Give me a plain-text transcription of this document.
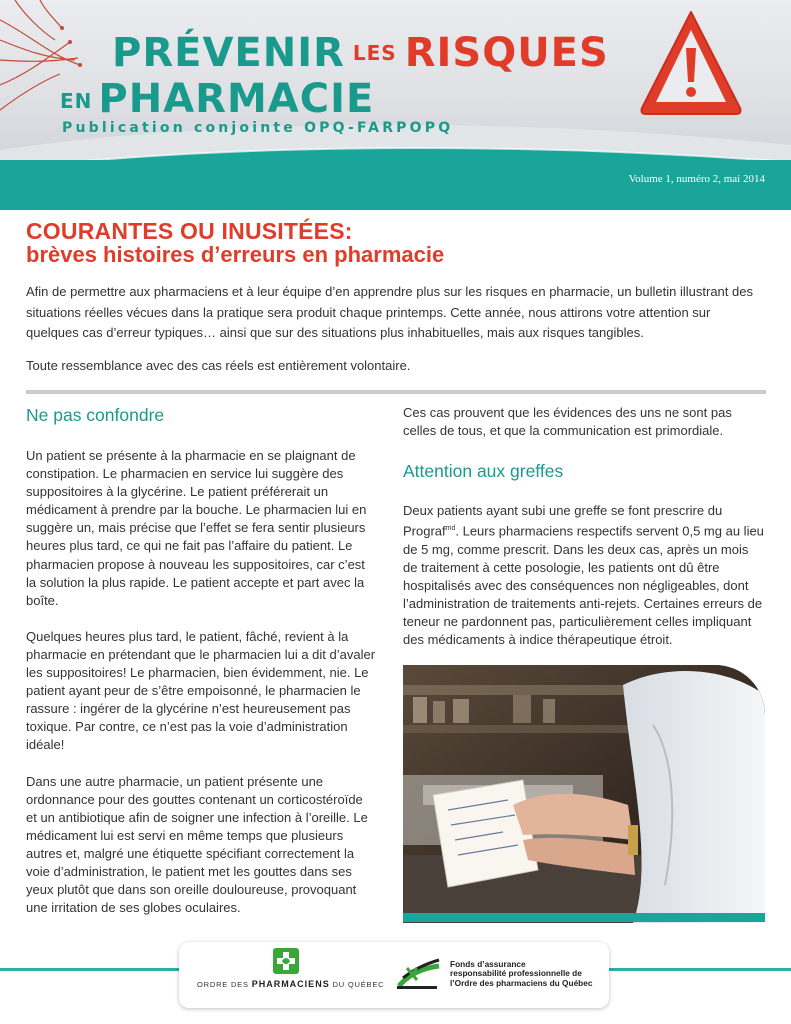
PRÉVENIR LES RISQUES
EN PHARMACIE
Publication conjointe OPQ-FARPOPQ
Volume 1, numéro 2, mai 2014
COURANTES OU INUSITÉES:
brèves histoires d’erreurs en pharmacie
Afin de permettre aux pharmaciens et à leur équipe d’en apprendre plus sur les risques en pharmacie, un bulletin illustrant des situations réelles vécues dans la pratique sera produit chaque printemps. Cette année, nous attirons votre attention sur quelques cas d’erreur typiques… ainsi que sur des situations plus inhabituelles, mais aux risques tangibles.
Toute ressemblance avec des cas réels est entièrement volontaire.
Ne pas confondre

Un patient se présente à la pharmacie en se plaignant de constipation. Le pharmacien en service lui suggère des suppositoires à la glycérine. Le patient préférerait un médicament à prendre par la bouche. Le pharmacien lui en suggère un, mais précise que l’effet se fera sentir plusieurs heures plus tard, ce qui ne fait pas l’affaire du patient. Le pharmacien propose à nouveau les suppositoires, car c’est la solution la plus rapide. Le patient accepte et part avec la boîte.

Quelques heures plus tard, le patient, fâché, revient à la pharmacie en prétendant que le pharmacien lui a dit d’avaler les suppositoires! Le pharmacien, bien évidemment, nie. Le patient ayant peur de s’être empoisonné, le pharmacien le rassure : ingérer de la glycérine n’est heureusement pas toxique. Par contre, ce n’est pas la voie d’administration idéale!

Dans une autre pharmacie, un patient présente une ordonnance pour des gouttes contenant un corticostéroïde et un antibiotique afin de soigner une infection à l’oreille. Le médicament lui est servi en même temps que plusieurs autres et, malgré une étiquette spécifiant correctement la voie d’administration, le patient met les gouttes dans ses yeux plutôt que dans son oreille douloureuse, provoquant une irritation de ses globes oculaires.

Ces cas prouvent que les évidences des uns ne sont pas celles de tous, et que la communication est primordiale.

Attention aux greffes

Deux patients ayant subi une greffe se font prescrire du Prograf$^{md}$. Leurs pharmaciens respectifs servent 0,5 mg au lieu de 5 mg, comme prescrit. Dans les deux cas, après un mois de traitement à cette posologie, les patients ont dû être hospitalisés avec des conséquences non négligeables, dont l’administration de traitements anti-rejets. Certaines erreurs de teneur ne pardonnent pas, particulièrement celles impliquant des médicaments à indice thérapeutique étroit.

ORDRE DES PHARMACIENS DU QUÉBEC
Fonds d’assurance
responsabilité professionnelle de
l’Ordre des pharmaciens du Québec
